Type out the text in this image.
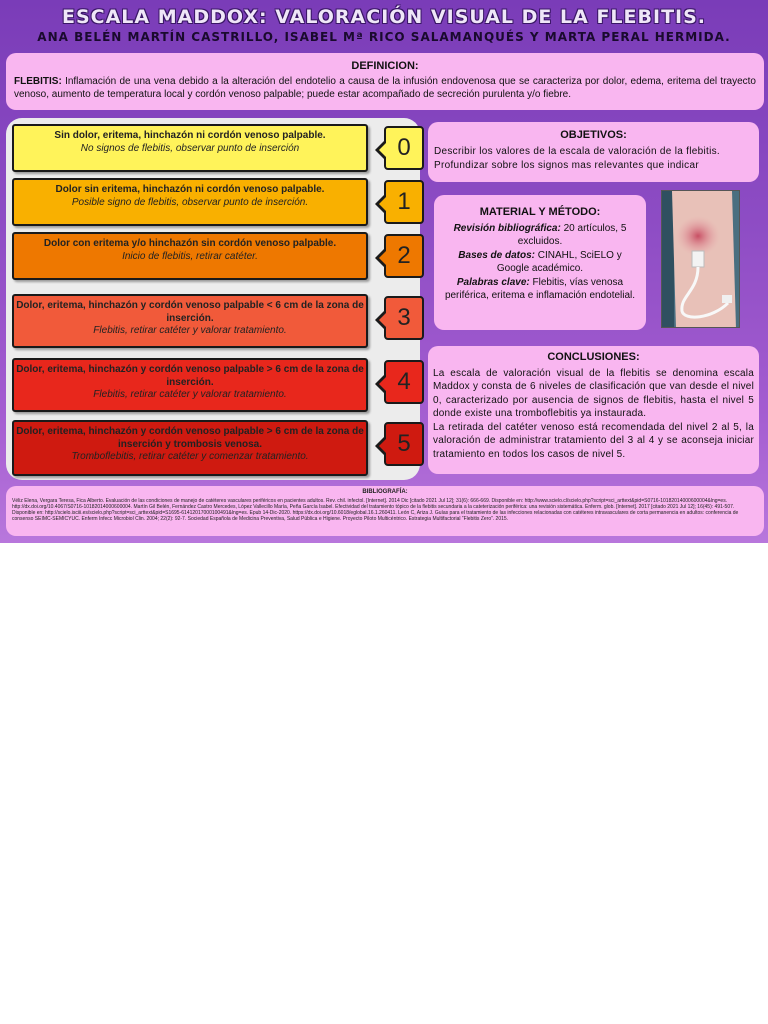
ESCALA MADDOX: VALORACIÓN VISUAL DE LA FLEBITIS.
ANA BELÉN MARTÍN CASTRILLO, ISABEL Mª RICO SALAMANQUÉS Y MARTA PERAL HERMIDA.
DEFINICION:

FLEBITIS: Inflamación de una vena debido a la alteración del endotelio a causa de la infusión endovenosa que se caracteriza por dolor, edema, eritema del trayecto venoso, aumento de temperatura local y cordón venoso palpable; puede estar acompañado de secreción purulenta y/o fiebre.

Sin dolor, eritema, hinchazón ni cordón venoso palpable.
No signos de flebitis, observar punto de inserción	0
Dolor sin eritema, hinchazón ni cordón venoso palpable.
Posible signo de flebitis, observar punto de inserción.	1
Dolor con eritema y/o hinchazón sin cordón venoso palpable.
Inicio de flebitis, retirar catéter.	2
Dolor, eritema, hinchazón y cordón venoso palpable < 6 cm de la zona de inserción.
Flebitis, retirar catéter y valorar tratamiento.	3
Dolor, eritema, hinchazón y cordón venoso palpable > 6 cm de la zona de inserción.
Flebitis, retirar catéter y valorar tratamiento.	4
Dolor, eritema, hinchazón y cordón venoso palpable > 6 cm de la zona de inserción y trombosis venosa.
Tromboflebitis, retirar catéter y comenzar tratamiento.	5
OBJETIVOS:

Describir los valores de la escala de valoración de la flebitis.

Profundizar sobre los signos mas relevantes que indicar

MATERIAL Y MÉTODO:

Revisión bibliográfica: 20 artículos, 5 excluidos.

Bases de datos: CINAHL, SciELO y Google académico.

Palabras clave: Flebitis, vías venosa periférica, eritema e inflamación endotelial.

CONCLUSIONES:

La escala de valoración visual de la flebitis se denomina escala Maddox y consta de 6 niveles de clasificación que van desde el nivel 0, caracterizado por ausencia de signos de flebitis, hasta el nivel 5 donde existe una tromboflebitis ya instaurada.

La retirada del catéter venoso está recomendada del nivel 2 al 5, la valoración de administrar tratamiento del 3 al 4 y se aconseja iniciar tratamiento en todos los casos de nivel 5.

BIBLIOGRAFÍA:

Véliz Elena, Vergara Teresa, Fica Alberto. Evaluación de las condiciones de manejo de catéteres vasculares periféricos en pacientes adultos. Rev. chil. infectol. [Internet]. 2014 Dic [citado 2021 Jul 12]; 31(6): 666-669. Disponible en: http://www.scielo.cl/scielo.php?script=sci_arttext&pid=S0716-10182014000600004&lng=es. http://dx.doi.org/10.4067/S0716-10182014000600004. Martín Gil Belén, Fernández Castro Mercedes, López Vallecillo María, Peña García Isabel. Efectividad del tratamiento tópico de la flebitis secundaria a la cateterización periférica: una revisión sistemática. Enferm. glob. [Internet]. 2017 [citado 2021 Jul 12]; 16(45): 491-507. Disponible en: http://scielo.isciii.es/scielo.php?script=sci_arttext&pid=S1695-61412017000100491&lng=es. Epub 14-Dic-2020. https://dx.doi.org/10.6018/eglobal.16.1.260411. León C, Ariza J. Guías para el tratamiento de las infecciones relacionadas con catéteres intravasculares de corta permanencia en adultos: conferencia de consenso SEIMC-SEMICYUC. Enferm Infecc Microbiol Clin. 2004; 22(2): 92-7. Sociedad Española de Medicina Preventiva, Salud Pública e Higiene. Proyecto Piloto Multicéntrico. Estrategia Multifactorial “Flebitis Zero”. 2015.
